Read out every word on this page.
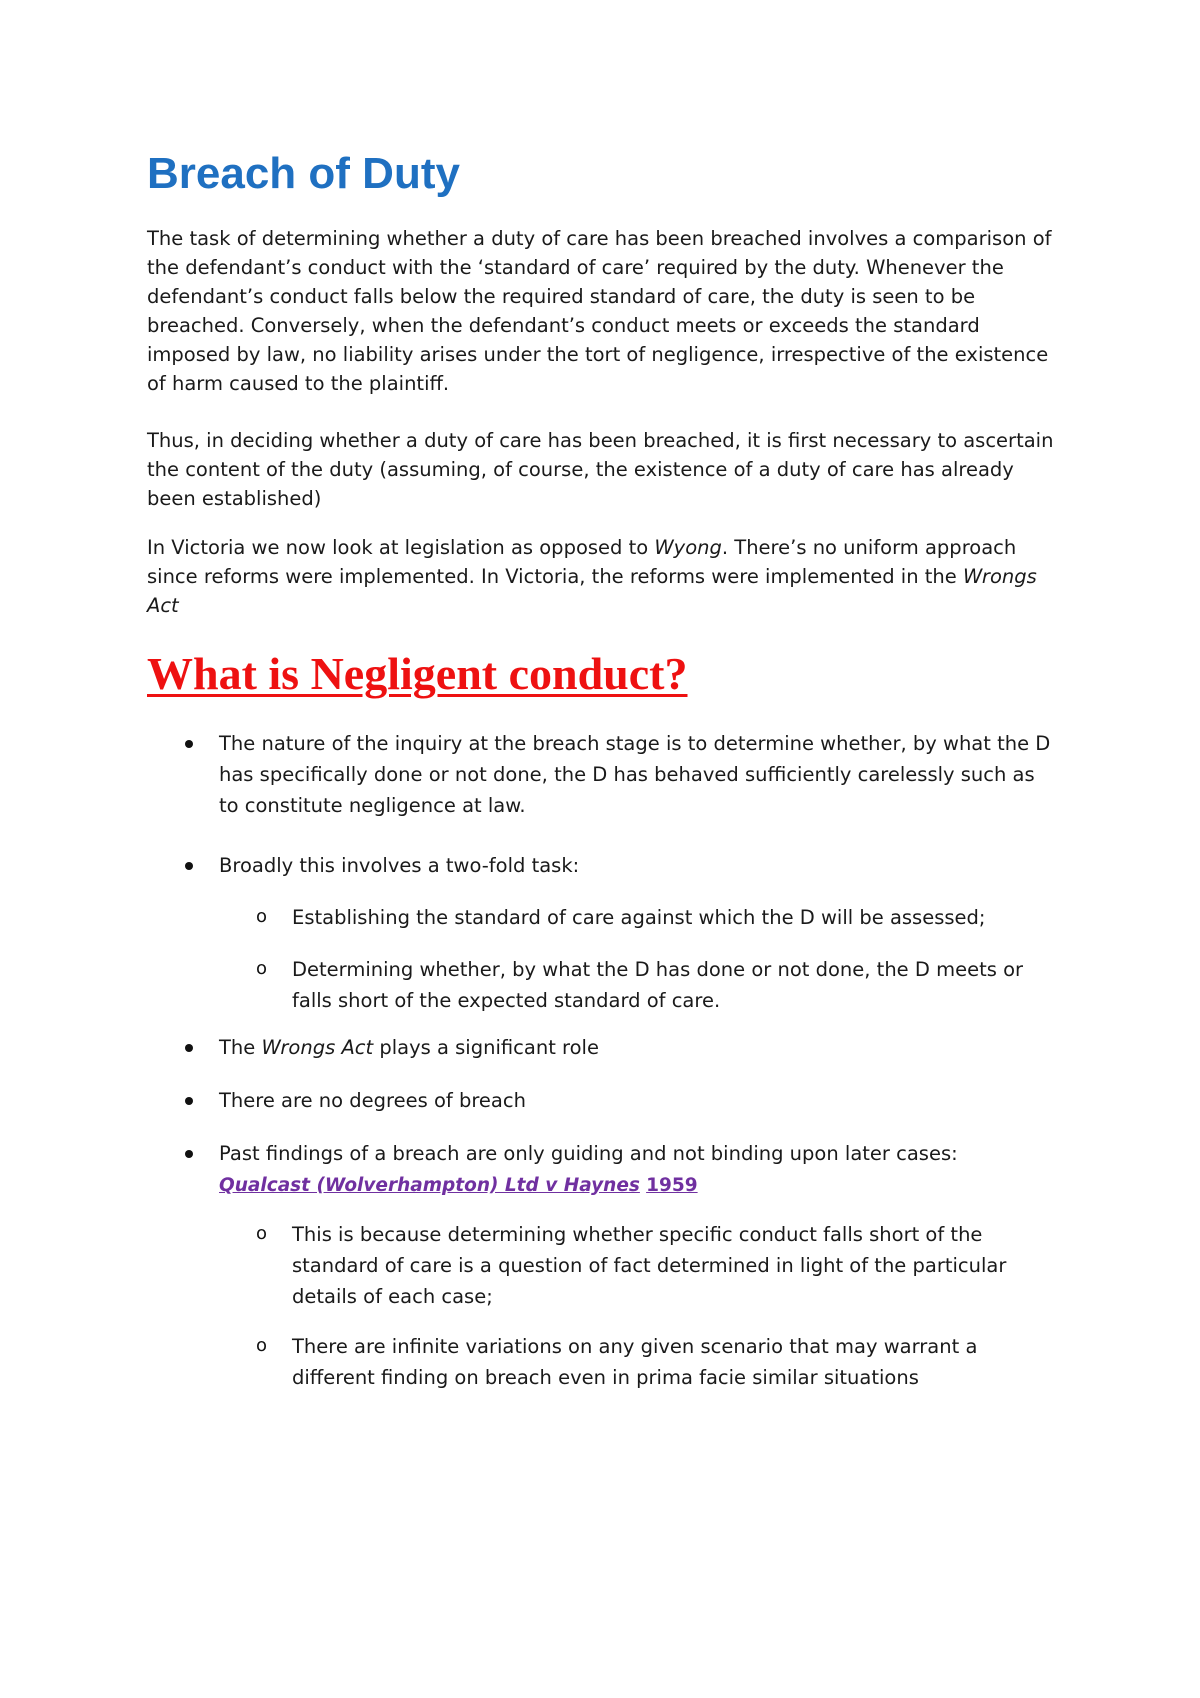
Breach of Duty

The task of determining whether a duty of care has been breached involves a comparison of
the defendant’s conduct with the ‘standard of care’ required by the duty. Whenever the
defendant’s conduct falls below the required standard of care, the duty is seen to be
breached. Conversely, when the defendant’s conduct meets or exceeds the standard
imposed by law, no liability arises under the tort of negligence, irrespective of the existence
of harm caused to the plaintiff.

Thus, in deciding whether a duty of care has been breached, it is first necessary to ascertain
the content of the duty (assuming, of course, the existence of a duty of care has already
been established)

In Victoria we now look at legislation as opposed to Wyong. There’s no uniform approach
since reforms were implemented. In Victoria, the reforms were implemented in the Wrongs
Act

What is Negligent conduct?

The nature of the inquiry at the breach stage is to determine whether, by what the D
has specifically done or not done, the D has behaved sufficiently carelessly such as
to constitute negligence at law.

Broadly this involves a two-fold task:

o Establishing the standard of care against which the D will be assessed;

o Determining whether, by what the D has done or not done, the D meets or
falls short of the expected standard of care.

The Wrongs Act plays a significant role

There are no degrees of breach

Past findings of a breach are only guiding and not binding upon later cases:
Qualcast (Wolverhampton) Ltd v Haynes 1959

o This is because determining whether specific conduct falls short of the
standard of care is a question of fact determined in light of the particular
details of each case;

o There are infinite variations on any given scenario that may warrant a
different finding on breach even in prima facie similar situations
